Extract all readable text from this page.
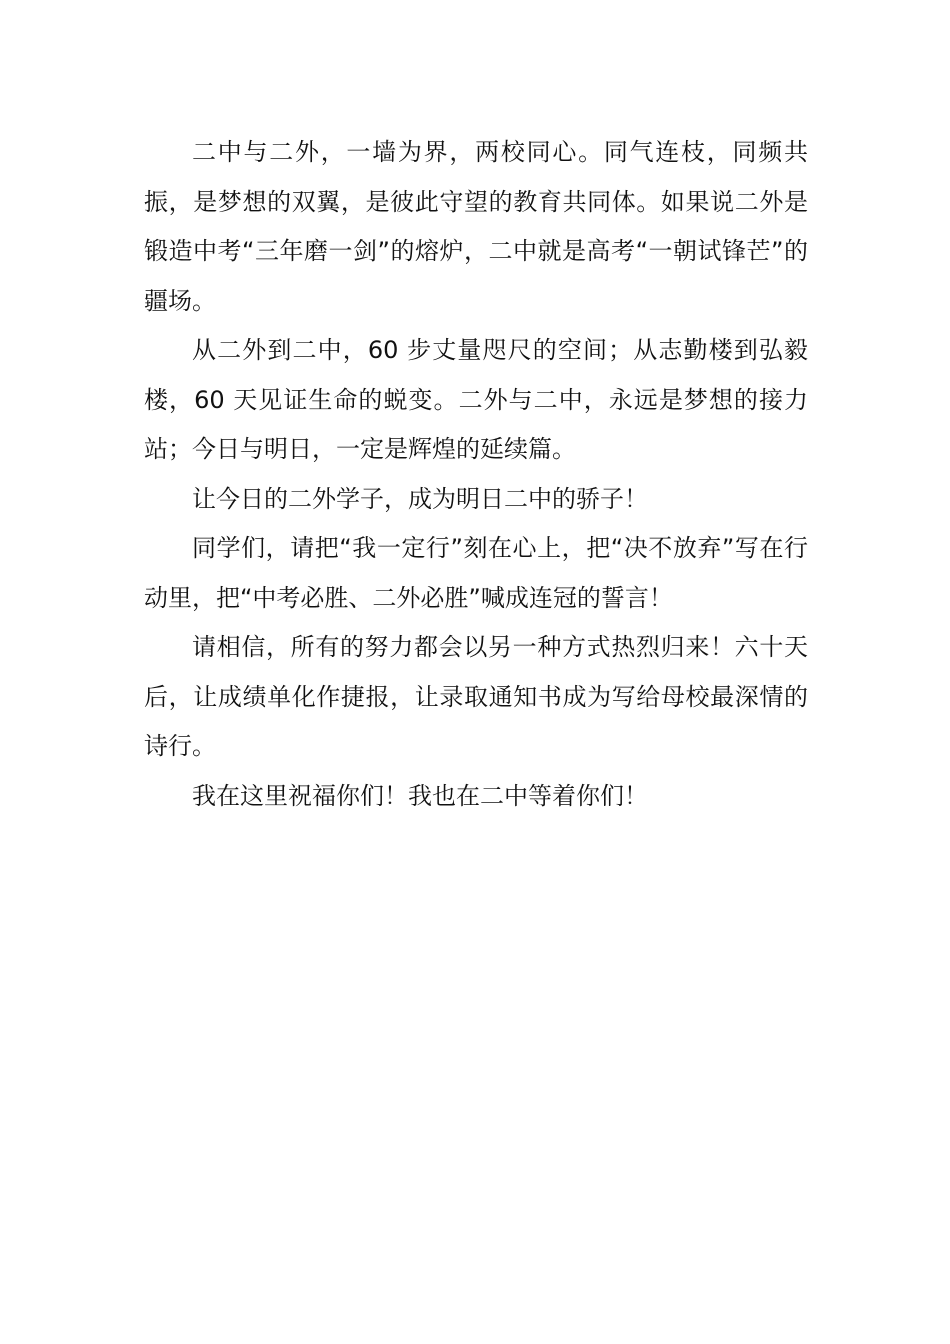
二中与二外，一墙为界，两校同心。同气连枝，同频共振，是梦想的双翼，是彼此守望的教育共同体。如果说二外是锻造中考“三年磨一剑”的熔炉，二中就是高考“一朝试锋芒”的疆场。

从二外到二中，60 步丈量咫尺的空间；从志勤楼到弘毅楼，60 天见证生命的蜕变。二外与二中，永远是梦想的接力站；今日与明日，一定是辉煌的延续篇。

让今日的二外学子，成为明日二中的骄子！

同学们，请把“我一定行”刻在心上，把“决不放弃”写在行动里，把“中考必胜、二外必胜”喊成连冠的誓言！

请相信，所有的努力都会以另一种方式热烈归来！六十天后，让成绩单化作捷报，让录取通知书成为写给母校最深情的诗行。

我在这里祝福你们！我也在二中等着你们！
